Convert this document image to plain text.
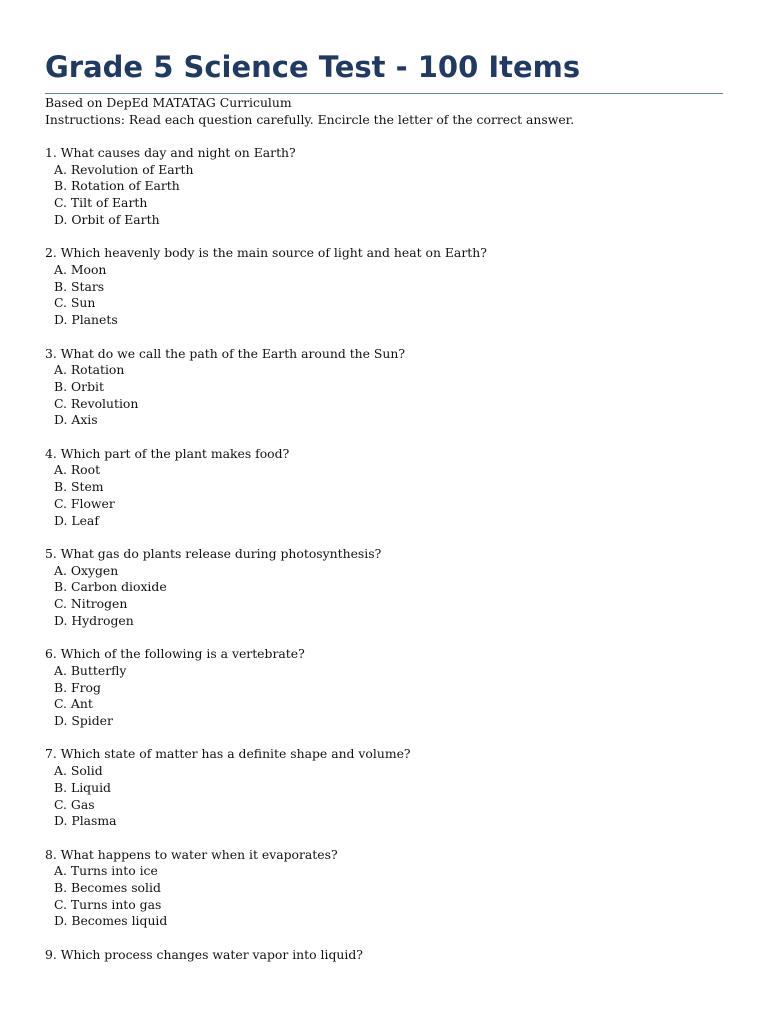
Grade 5 Science Test - 100 Items
Based on DepEd MATATAG Curriculum
Instructions: Read each question carefully. Encircle the letter of the correct answer.
1. What causes day and night on Earth?
A. Revolution of Earth
B. Rotation of Earth
C. Tilt of Earth
D. Orbit of Earth
2. Which heavenly body is the main source of light and heat on Earth?
A. Moon
B. Stars
C. Sun
D. Planets
3. What do we call the path of the Earth around the Sun?
A. Rotation
B. Orbit
C. Revolution
D. Axis
4. Which part of the plant makes food?
A. Root
B. Stem
C. Flower
D. Leaf
5. What gas do plants release during photosynthesis?
A. Oxygen
B. Carbon dioxide
C. Nitrogen
D. Hydrogen
6. Which of the following is a vertebrate?
A. Butterfly
B. Frog
C. Ant
D. Spider
7. Which state of matter has a definite shape and volume?
A. Solid
B. Liquid
C. Gas
D. Plasma
8. What happens to water when it evaporates?
A. Turns into ice
B. Becomes solid
C. Turns into gas
D. Becomes liquid
9. Which process changes water vapor into liquid?
